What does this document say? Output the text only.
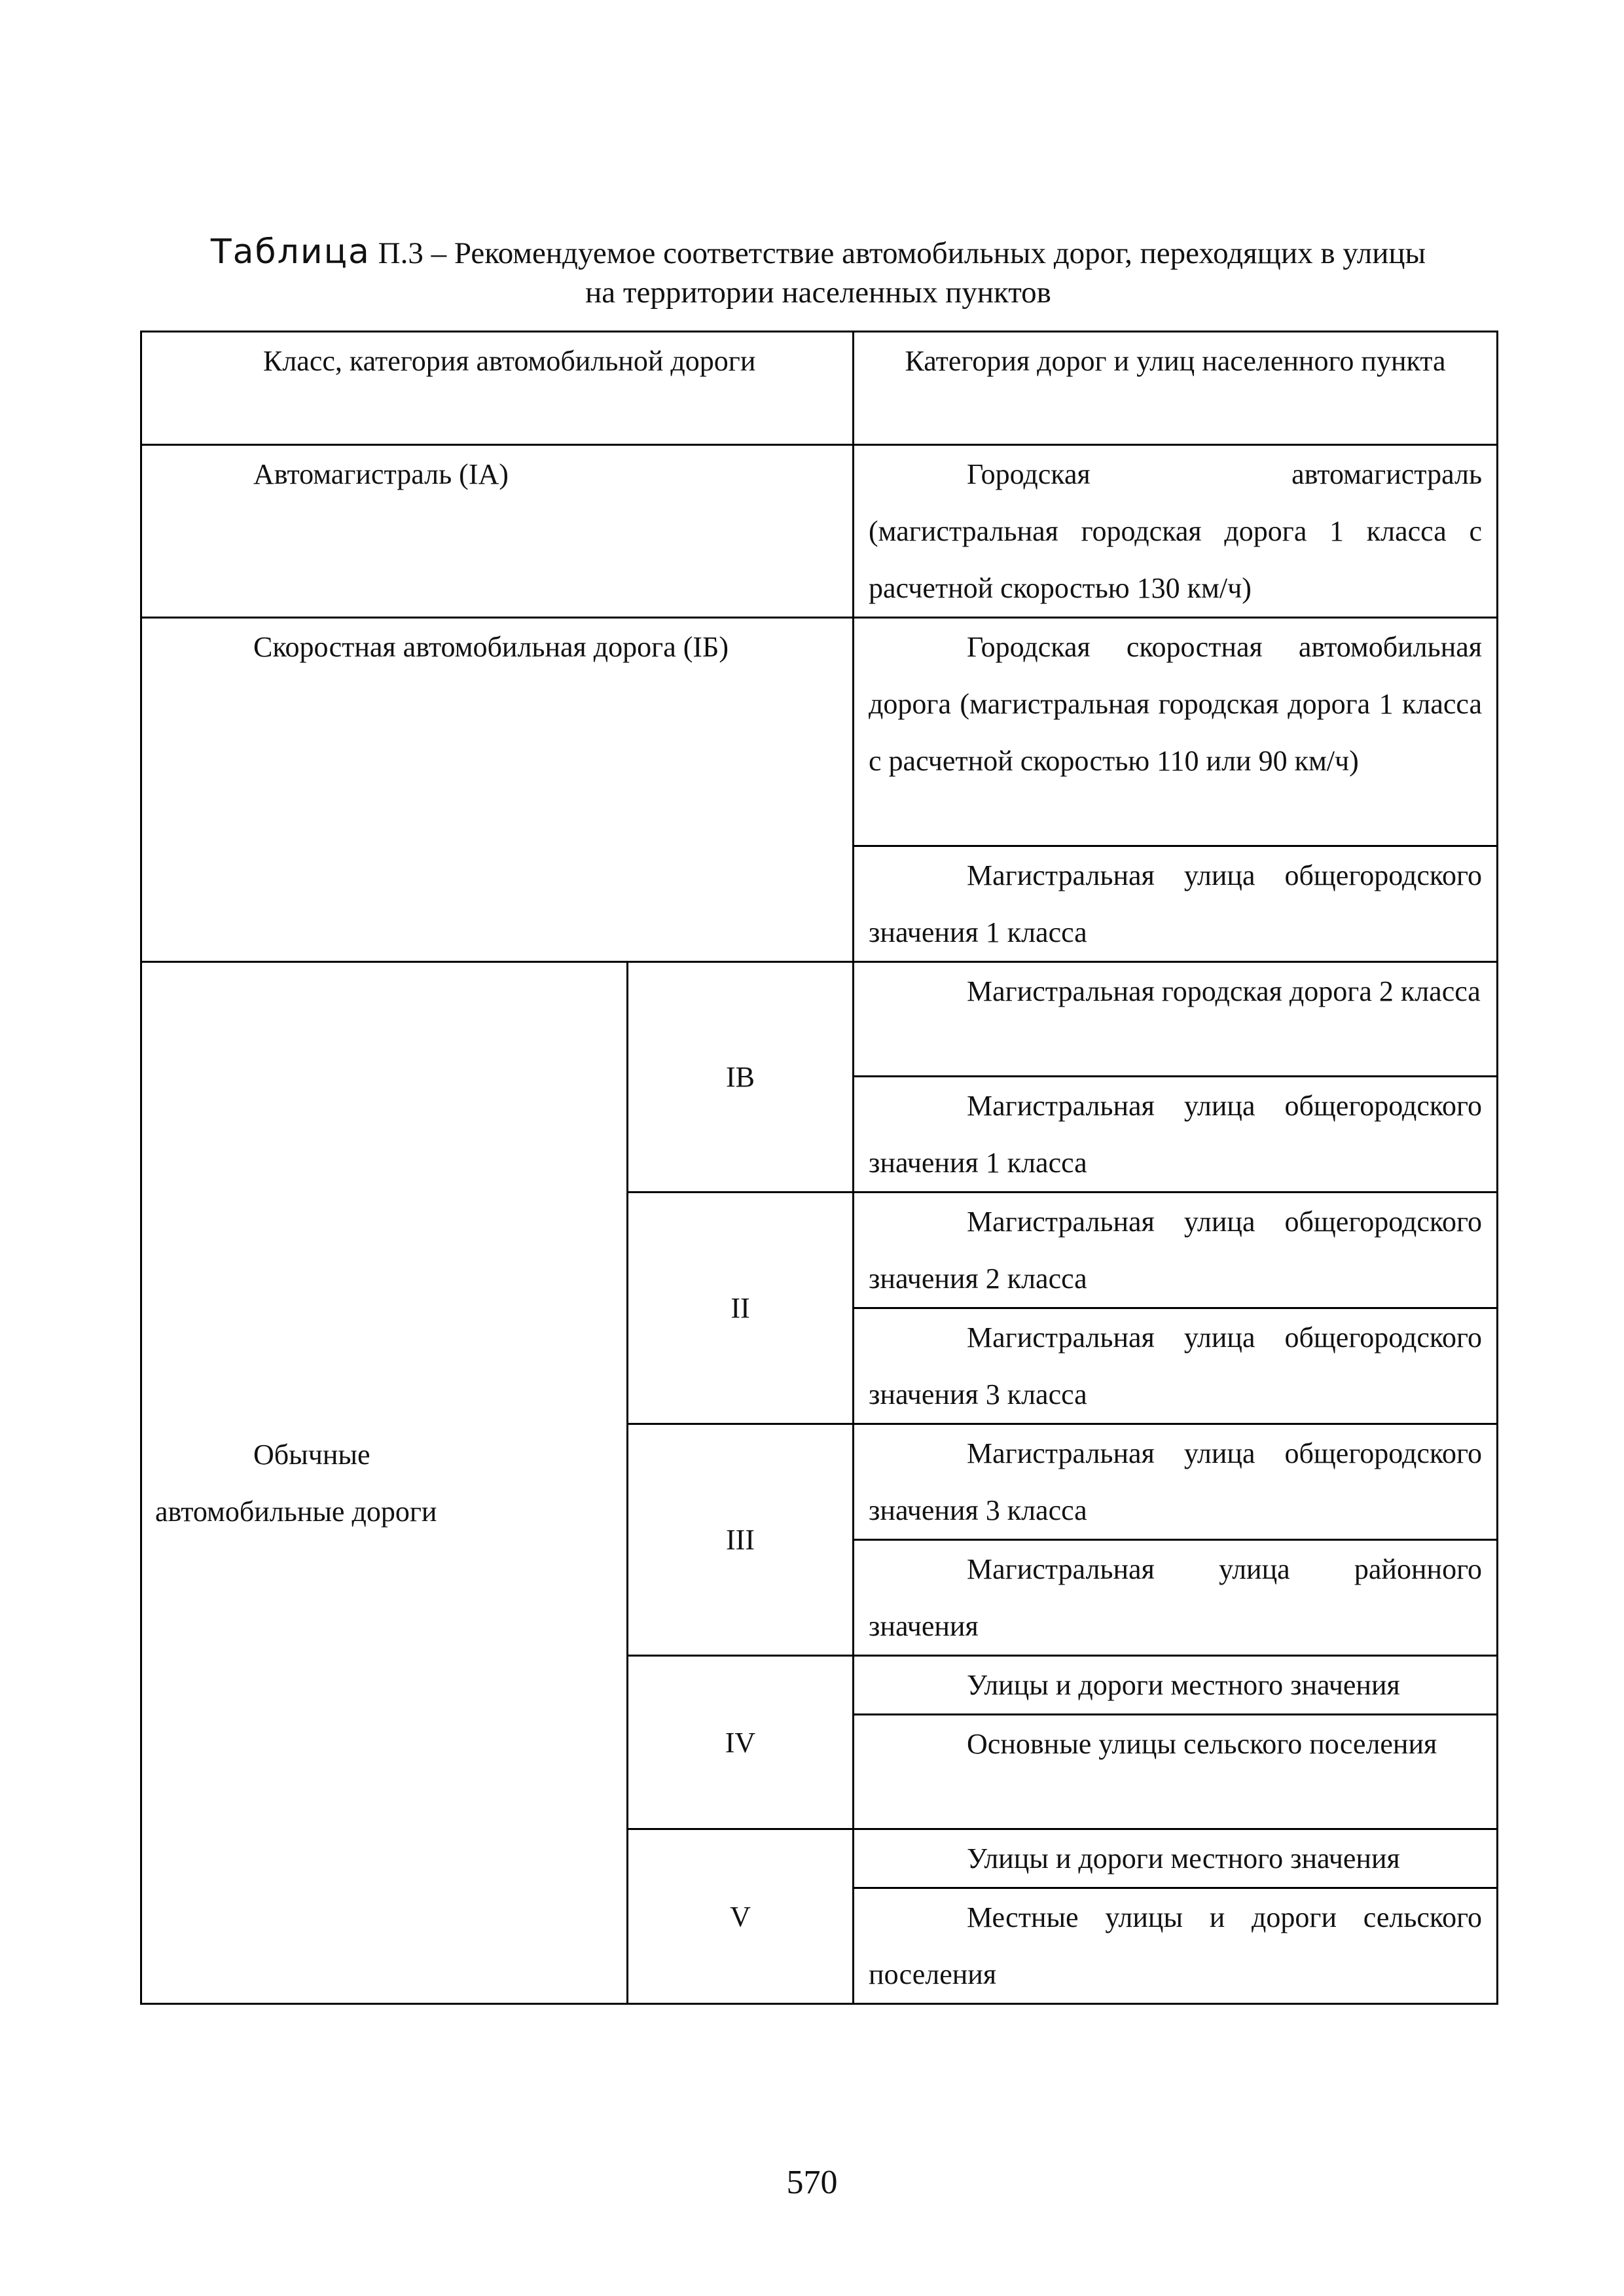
Таблица П.3 – Рекомендуемое соответствие автомобильных дорог, переходящих в улицы
на территории населенных пунктов
Класс, категория автомобильной дороги		Категория дорог и улиц населенного пункта
Автомагистраль (IА)		Городская автомагистраль (магистральная городская дорога 1 класса с расчетной скоростью 130 км/ч)
Скоростная автомобильная дорога (IБ)		Городская скоростная автомобильная дорога (магистральная городская дорога 1 класса с расчетной скоростью 110 или 90 км/ч)
		Магистральная улица общегородского значения 1 класса

Обычные
автомобильные дороги	IВ	Магистральная городская дорога 2 класса
		Магистральная улица общегородского значения 1 класса
	II	Магистральная улица общегородского значения 2 класса
		Магистральная улица общегородского значения 3 класса
	III	Магистральная улица общегородского значения 3 класса
		Магистральная улица районного значения
	IV	Улицы и дороги местного значения
		Основные улицы сельского поселения
	V	Улицы и дороги местного значения
		Местные улицы и дороги сельского поселения
570
